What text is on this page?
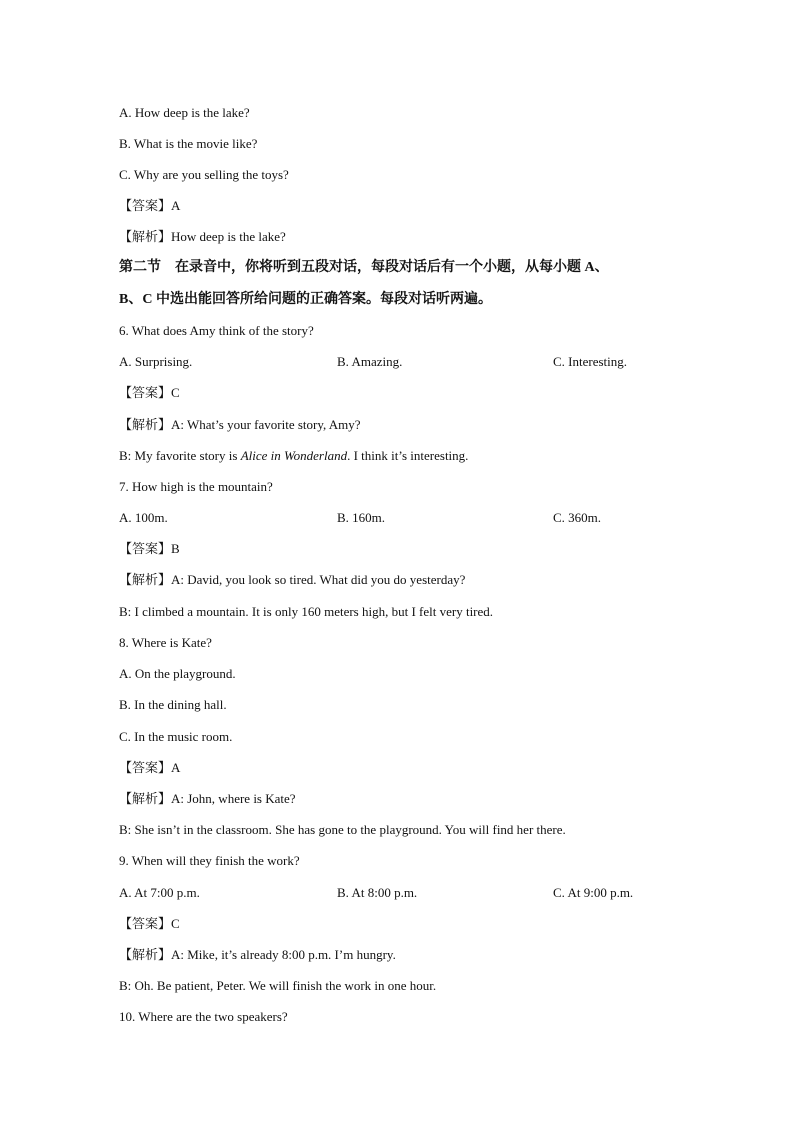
A. How deep is the lake?
B. What is the movie like?
C. Why are you selling the toys?
【答案】A
【解析】How deep is the lake?
第二节　在录音中，你将听到五段对话，每段对话后有一个小题，从每小题 A、
B、C 中选出能回答所给问题的正确答案。每段对话听两遍。
6. What does Amy think of the story?
A. Surprising.	B. Amazing.	C. Interesting.
【答案】C
【解析】A: What’s your favorite story, Amy?
B: My favorite story is Alice in Wonderland. I think it’s interesting.
7. How high is the mountain?
A. 100m.	B. 160m.	C. 360m.
【答案】B
【解析】A: David, you look so tired. What did you do yesterday?
B: I climbed a mountain. It is only 160 meters high, but I felt very tired.
8. Where is Kate?
A. On the playground.
B. In the dining hall.
C. In the music room.
【答案】A
【解析】A: John, where is Kate?
B: She isn’t in the classroom. She has gone to the playground. You will find her there.
9. When will they finish the work?
A. At 7:00 p.m.	B. At 8:00 p.m.	C. At 9:00 p.m.
【答案】C
【解析】A: Mike, it’s already 8:00 p.m. I’m hungry.
B: Oh. Be patient, Peter. We will finish the work in one hour.
10. Where are the two speakers?
